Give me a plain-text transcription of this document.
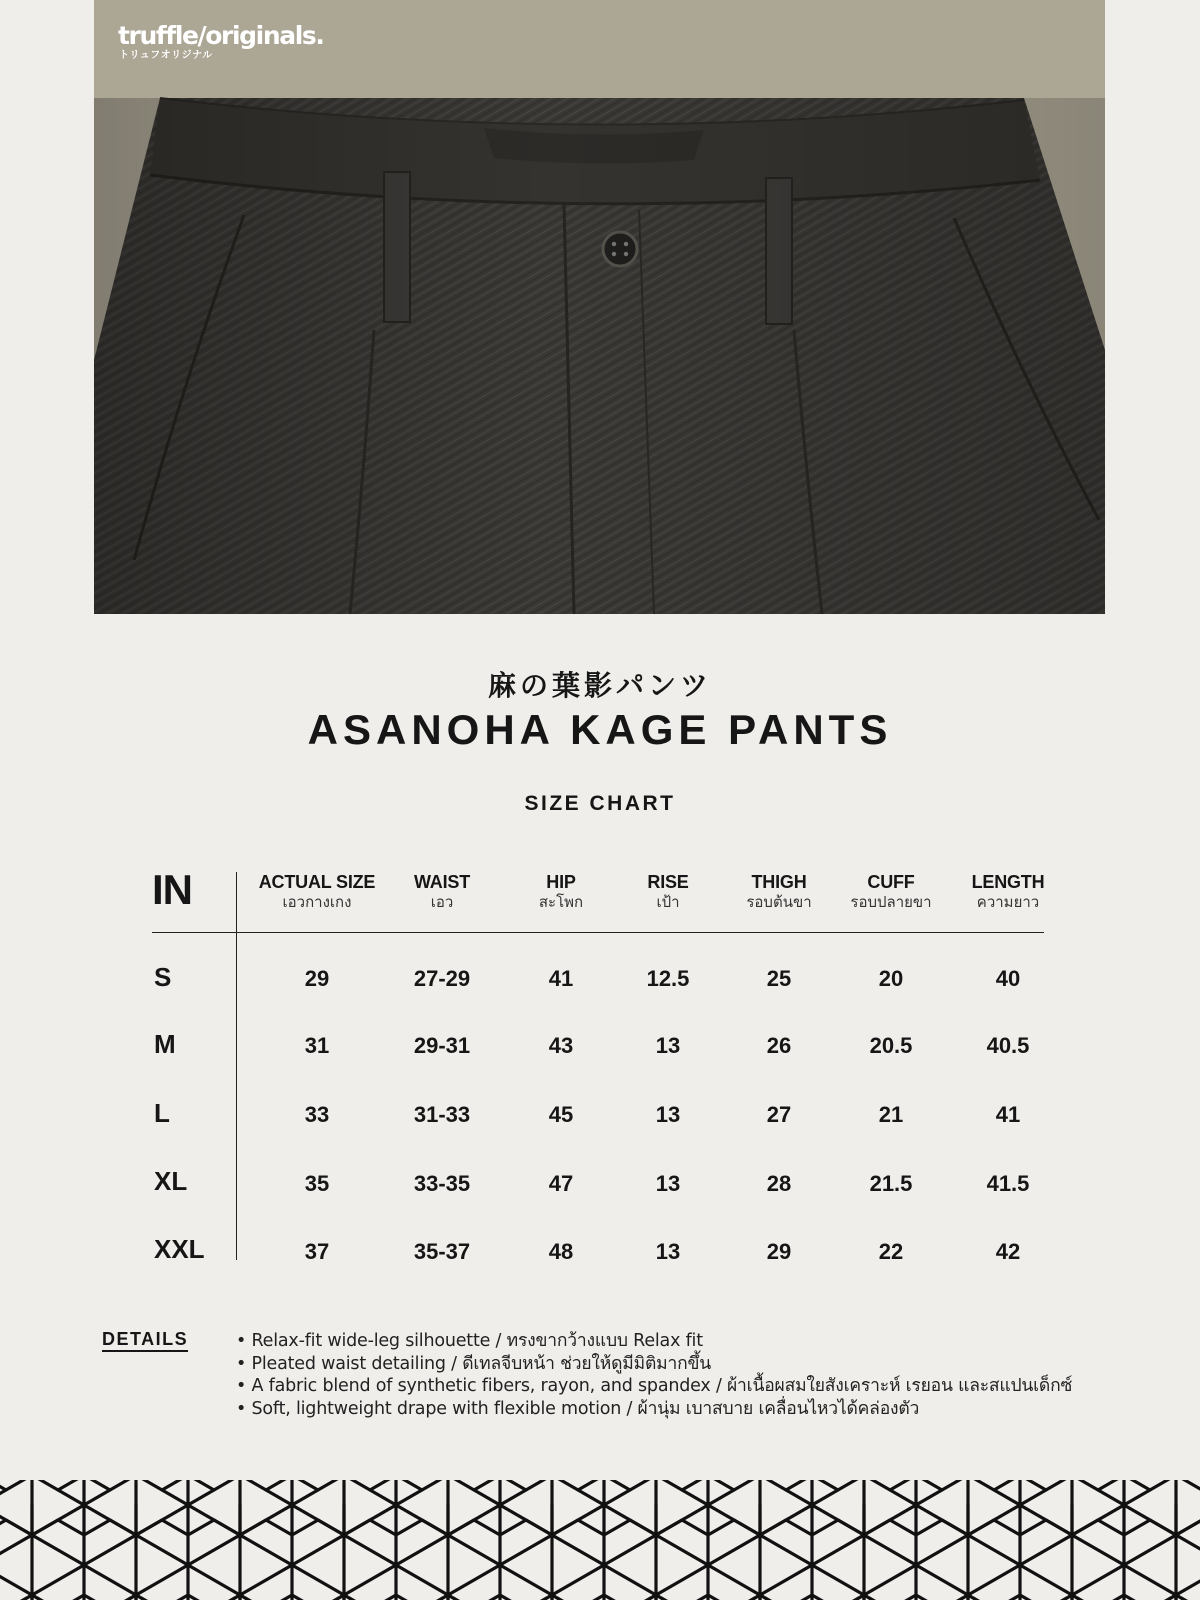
truffle/originals.
トリュフオリジナル
麻の葉影パンツ
ASANOHA KAGE PANTS
SIZE CHART
IN	ACTUAL SIZE
เอวกางเกง
WAIST
เอว
HIP
สะโพก
RISE
เป้า
THIGH
รอบต้นขา
CUFF
รอบปลายขา
LENGTH
ความยาว
S	29	27-29	41	12.5	25	20	40
M	31	29-31	43	13	26	20.5	40.5
L	33	31-33	45	13	27	21	41
XL	35	33-35	47	13	28	21.5	41.5
XXL	37	35-37	48	13	29	22	42
DETAILS
•	Relax-fit wide-leg silhouette / ทรงขากว้างแบบ Relax fit
• Pleated waist detailing / ดีเทลจีบหน้า ช่วยให้ดูมีมิติมากขึ้น
• A fabric blend of synthetic fibers, rayon, and spandex / ผ้าเนื้อผสมใยสังเคราะห์ เรยอน และสแปนเด็กซ์
• Soft, lightweight drape with flexible motion / ผ้านุ่ม เบาสบาย เคลื่อนไหวได้คล่องตัว
